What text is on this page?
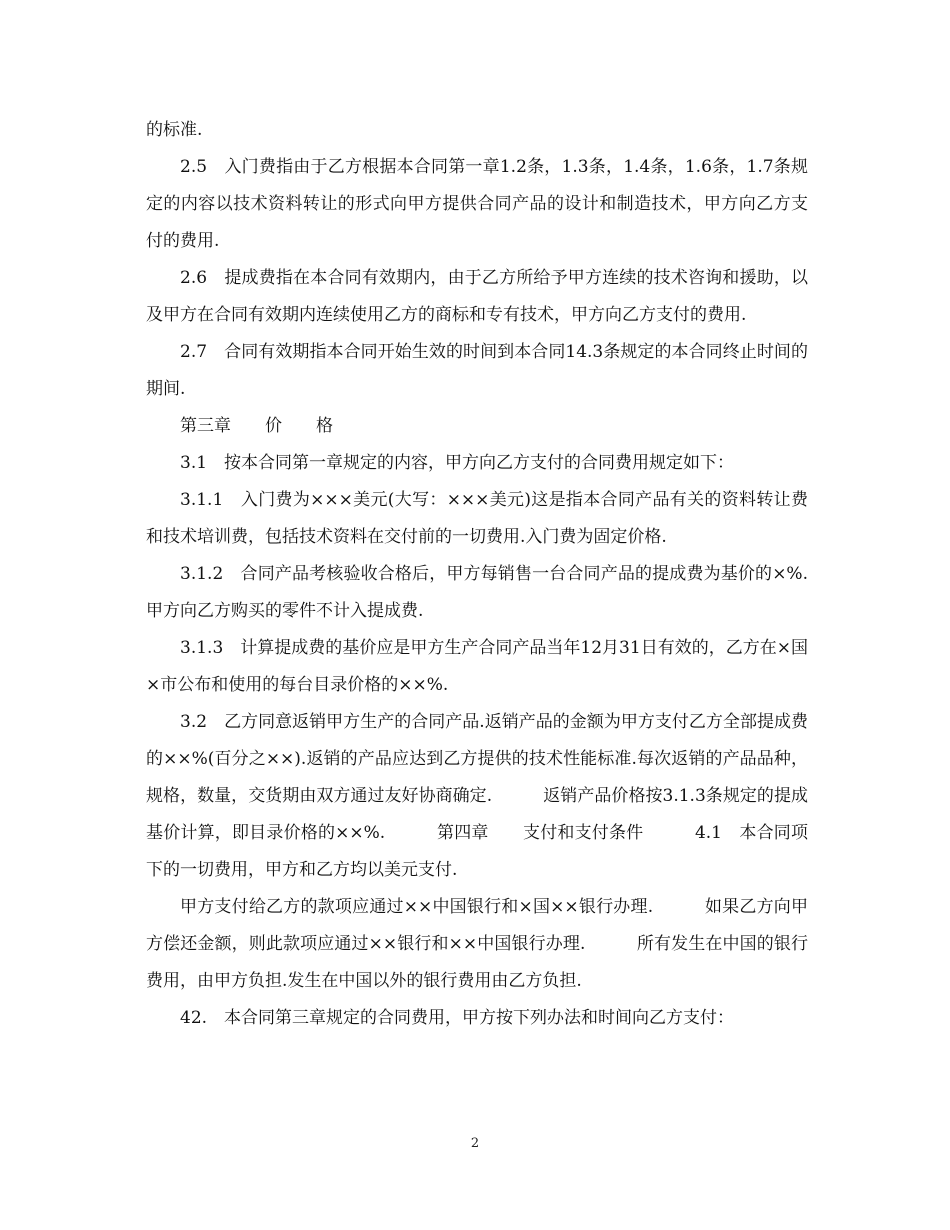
的标准.

2.5　入门费指由于乙方根据本合同第一章1.2条，1.3条，1.4条，1.6条，1.7条规定的内容以技术资料转让的形式向甲方提供合同产品的设计和制造技术，甲方向乙方支付的费用.

2.6　提成费指在本合同有效期内，由于乙方所给予甲方连续的技术咨询和援助，以及甲方在合同有效期内连续使用乙方的商标和专有技术，甲方向乙方支付的费用.

2.7　合同有效期指本合同开始生效的时间到本合同14.3条规定的本合同终止时间的期间.

第三章　　价　　格

3.1　按本合同第一章规定的内容，甲方向乙方支付的合同费用规定如下：

3.1.1　入门费为×××美元(大写：×××美元)这是指本合同产品有关的资料转让费和技术培训费，包括技术资料在交付前的一切费用.入门费为固定价格.

3.1.2　合同产品考核验收合格后，甲方每销售一台合同产品的提成费为基价的×%.甲方向乙方购买的零件不计入提成费.

3.1.3　计算提成费的基价应是甲方生产合同产品当年12月31日有效的，乙方在×国×市公布和使用的每台目录价格的××%.

3.2　乙方同意返销甲方生产的合同产品.返销产品的金额为甲方支付乙方全部提成费的××%(百分之××).返销的产品应达到乙方提供的技术性能标准.每次返销的产品品种，规格，数量，交货期由双方通过友好协商确定.　　　返销产品价格按3.1.3条规定的提成基价计算，即目录价格的××%.　　　第四章　　支付和支付条件　　　4.1　本合同项下的一切费用，甲方和乙方均以美元支付.

甲方支付给乙方的款项应通过××中国银行和×国××银行办理.　　　如果乙方向甲方偿还金额，则此款项应通过××银行和××中国银行办理.　　　所有发生在中国的银行费用，由甲方负担.发生在中国以外的银行费用由乙方负担.

42.　本合同第三章规定的合同费用，甲方按下列办法和时间向乙方支付：

2
